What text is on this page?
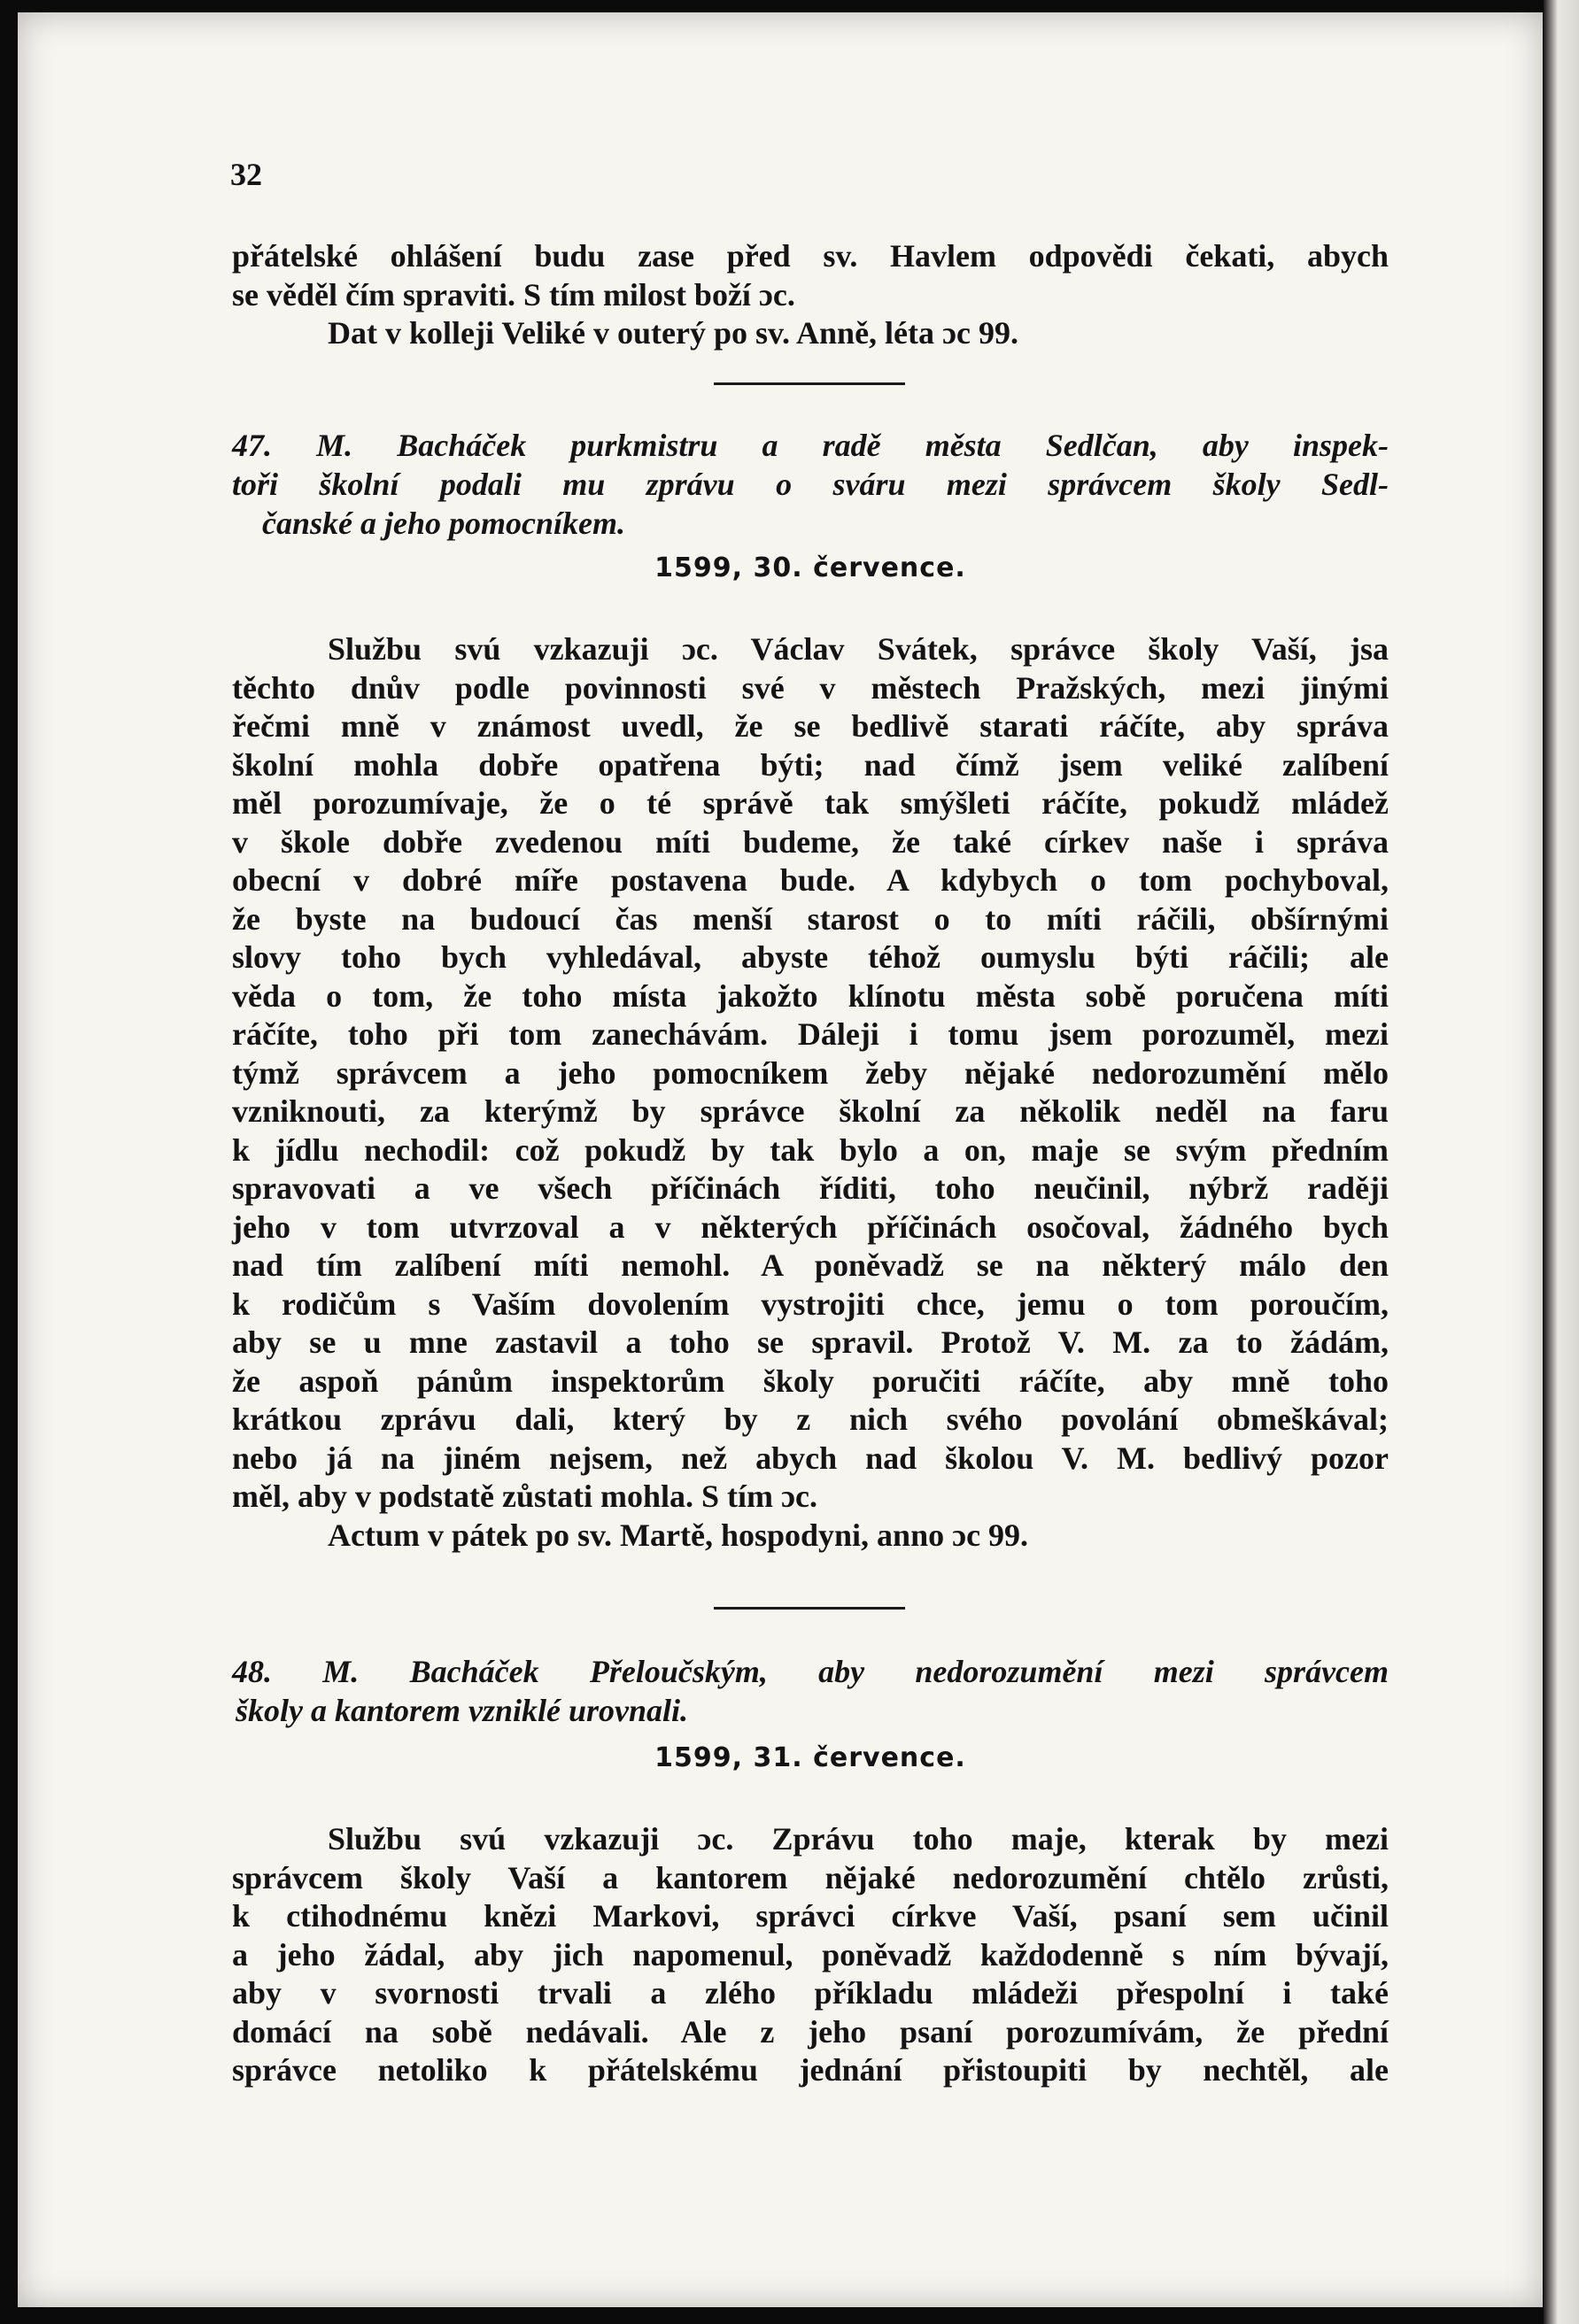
32
přátelské ohlášení budu zase před sv. Havlem odpovědi čekati, abych
se věděl čím spraviti. S tím milost boží ɔc.
Dat v kolleji Veliké v outerý po sv. Anně, léta ɔc 99.
47. M. Bacháček purkmistru a radě města Sedlčan, aby inspek-
toři školní podali mu zprávu o sváru mezi správcem školy Sedl-
čanské a jeho pomocníkem.
1599, 30. července.
Službu svú vzkazuji ɔc. Václav Svátek, správce školy Vaší, jsa
těchto dnův podle povinnosti své v městech Pražských, mezi jinými
řečmi mně v známost uvedl, že se bedlivě starati ráčíte, aby správa
školní mohla dobře opatřena býti; nad čímž jsem veliké zalíbení
měl porozumívaje, že o té správě tak smýšleti ráčíte, pokudž mládež
v škole dobře zvedenou míti budeme, že také církev naše i správa
obecní v dobré míře postavena bude. A kdybych o tom pochyboval,
že byste na budoucí čas menší starost o to míti ráčili, obšírnými
slovy toho bych vyhledával, abyste téhož oumyslu býti ráčili; ale
věda o tom, že toho místa jakožto klínotu města sobě poručena míti
ráčíte, toho při tom zanechávám. Dáleji i tomu jsem porozuměl, mezi
týmž správcem a jeho pomocníkem žeby nějaké nedorozumění mělo
vzniknouti, za kterýmž by správce školní za několik neděl na faru
k jídlu nechodil: což pokudž by tak bylo a on, maje se svým předním
spravovati a ve všech příčinách říditi, toho neučinil, nýbrž raději
jeho v tom utvrzoval a v některých příčinách osočoval, žádného bych
nad tím zalíbení míti nemohl. A poněvadž se na některý málo den
k rodičům s Vaším dovolením vystrojiti chce, jemu o tom poroučím,
aby se u mne zastavil a toho se spravil. Protož V. M. za to žádám,
že aspoň pánům inspektorům školy poručiti ráčíte, aby mně toho
krátkou zprávu dali, který by z nich svého povolání obmeškával;
nebo já na jiném nejsem, než abych nad školou V. M. bedlivý pozor
měl, aby v podstatě zůstati mohla. S tím ɔc.
Actum v pátek po sv. Martě, hospodyni, anno ɔc 99.
48. M. Bacháček Přeloučským, aby nedorozumění mezi správcem
školy a kantorem vzniklé urovnali.
1599, 31. července.
Službu svú vzkazuji ɔc. Zprávu toho maje, kterak by mezi
správcem školy Vaší a kantorem nějaké nedorozumění chtělo zrůsti,
k ctihodnému knězi Markovi, správci církve Vaší, psaní sem učinil
a jeho žádal, aby jich napomenul, poněvadž každodenně s ním bývají,
aby v svornosti trvali a zlého příkladu mládeži přespolní i také
domácí na sobě nedávali. Ale z jeho psaní porozumívám, že přední
správce netoliko k přátelskému jednání přistoupiti by nechtěl, ale
